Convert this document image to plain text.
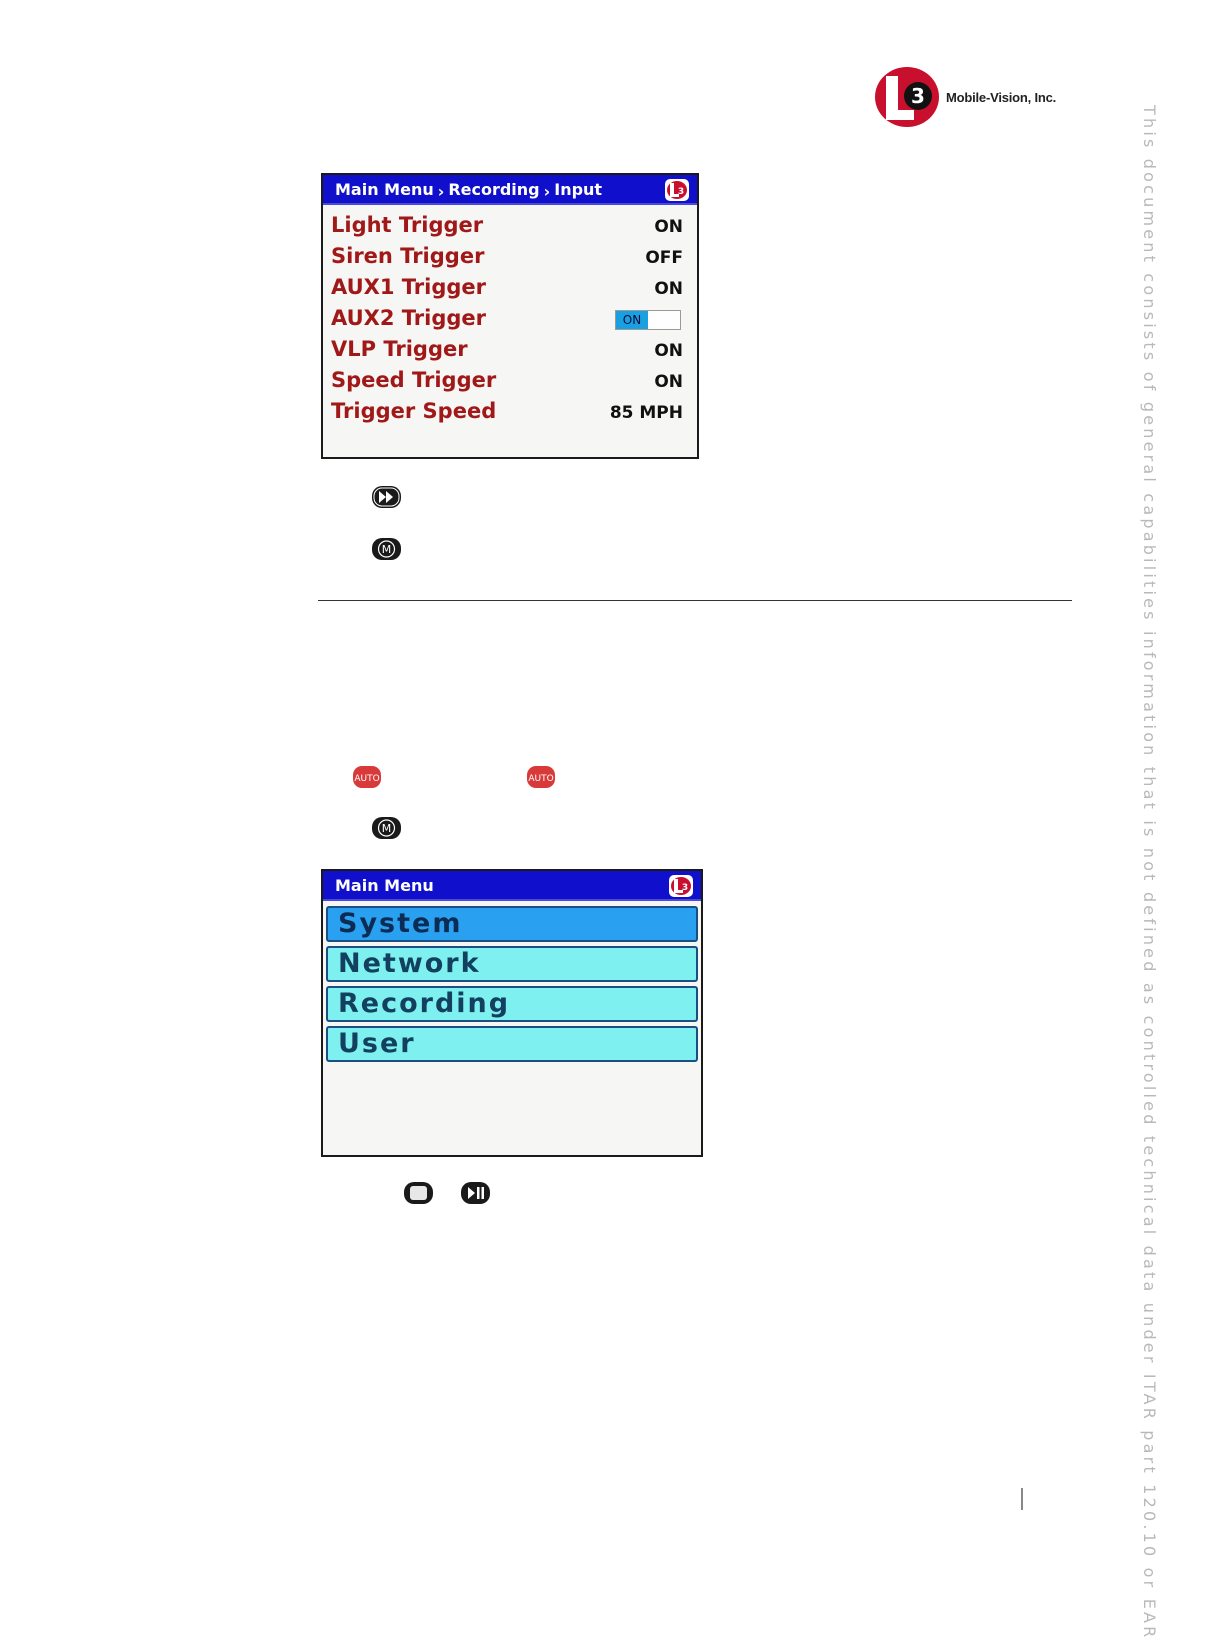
3 Mobile-Vision, Inc.
This document consists of general capabilities information that is not defined as controlled technical data under ITAR part 120.10 or EAR
Main Menu › Recording › Input	3
Light Trigger	ON
Siren Trigger	OFF
AUX1 Trigger	ON
AUX2 Trigger	ON
VLP Trigger	ON
Speed Trigger	ON
Trigger Speed	85 MPH
M
AUTO	AUTO
M
Main Menu	3
System
Network
Recording
User
